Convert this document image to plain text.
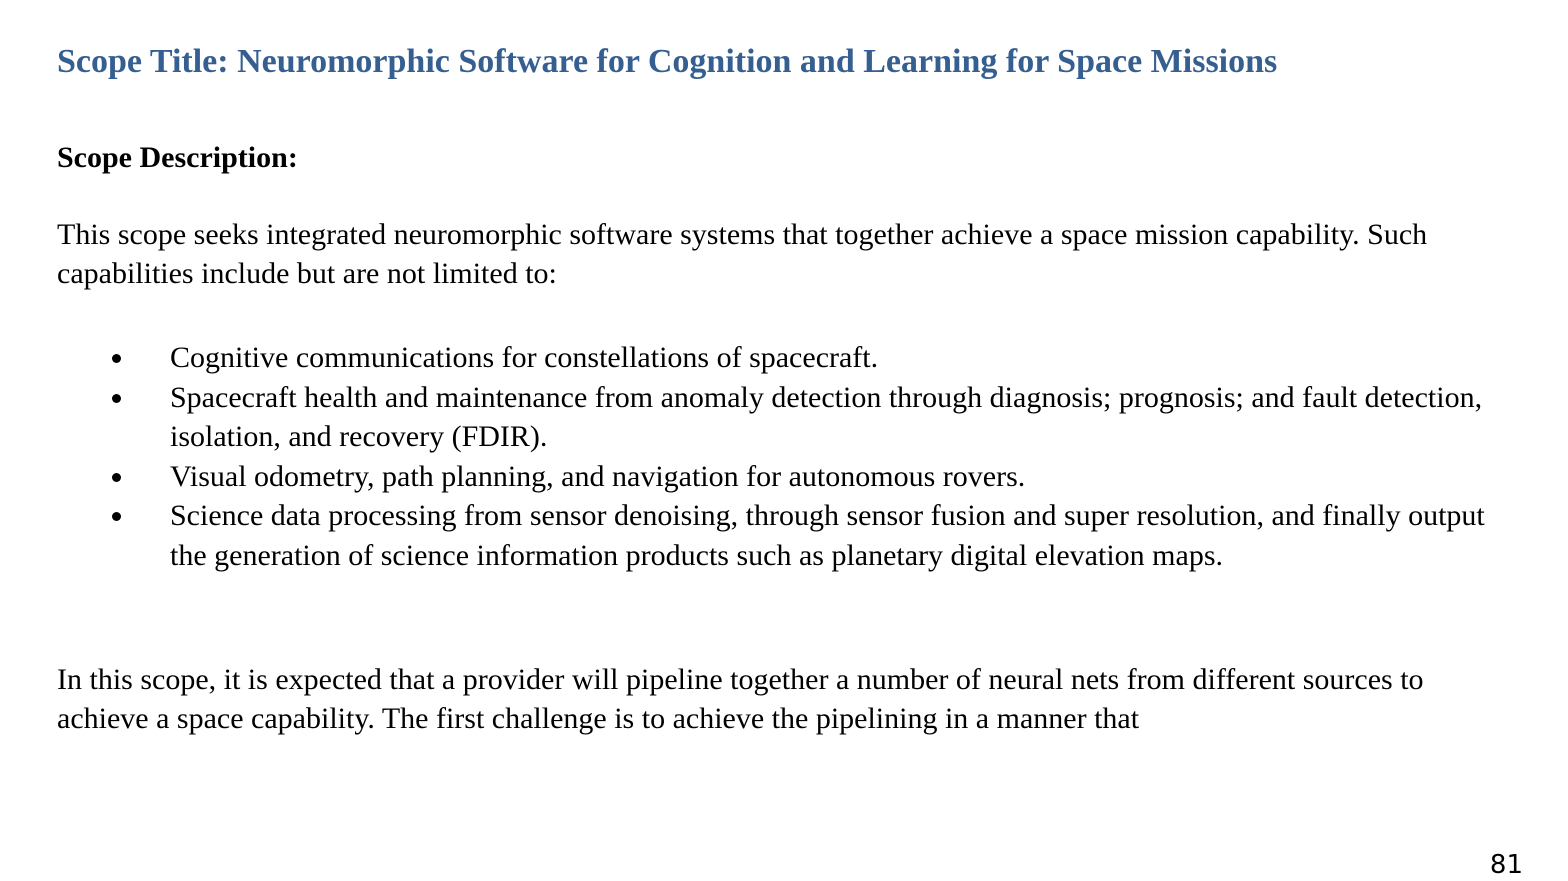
Scope Title: Neuromorphic Software for Cognition and Learning for Space Missions
Scope Description:

This scope seeks integrated neuromorphic software systems that together achieve a space mission capability. Such capabilities include but are not limited to:

Cognitive communications for constellations of spacecraft.
Spacecraft health and maintenance from anomaly detection through diagnosis; prognosis; and fault detection, isolation, and recovery (FDIR).
Visual odometry, path planning, and navigation for autonomous rovers.
Science data processing from sensor denoising, through sensor fusion and super resolution, and finally output the generation of science information products such as planetary digital elevation maps.

In this scope, it is expected that a provider will pipeline together a number of neural nets from different sources to achieve a space capability. The first challenge is to achieve the pipelining in a manner that

81
